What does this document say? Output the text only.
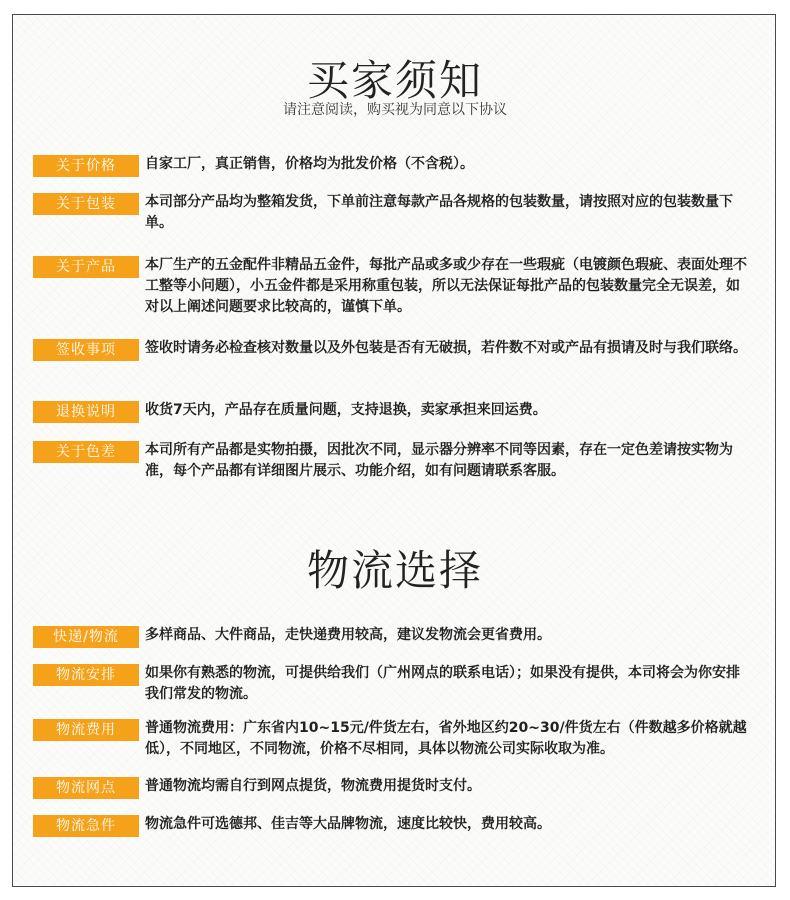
买家须知
请注意阅读，购买视为同意以下协议
关于价格	自家工厂，真正销售，价格均为批发价格（不含税）。
关于包装	本司部分产品均为整箱发货，下单前注意每款产品各规格的包装数量，请按照对应的包装数量下单。
关于产品	本厂生产的五金配件非精品五金件，每批产品或多或少存在一些瑕疵（电镀颜色瑕疵、表面处理不工整等小问题），小五金件都是采用称重包装，所以无法保证每批产品的包装数量完全无误差，如对以上阐述问题要求比较高的，谨慎下单。
签收事项	签收时请务必检查核对数量以及外包装是否有无破损，若件数不对或产品有损请及时与我们联络。
退换说明	收货7天内，产品存在质量问题，支持退换，卖家承担来回运费。
关于色差	本司所有产品都是实物拍摄，因批次不同，显示器分辨率不同等因素，存在一定色差请按实物为准，每个产品都有详细图片展示、功能介绍，如有问题请联系客服。
物流选择
快递/物流	多样商品、大件商品，走快递费用较高，建议发物流会更省费用。
物流安排	如果你有熟悉的物流，可提供给我们（广州网点的联系电话）；如果没有提供，本司将会为你安排我们常发的物流。
物流费用	普通物流费用：广东省内10~15元/件货左右，省外地区约20~30/件货左右（件数越多价格就越低），不同地区，不同物流，价格不尽相同，具体以物流公司实际收取为准。
物流网点	普通物流均需自行到网点提货，物流费用提货时支付。
物流急件	物流急件可选德邦、佳吉等大品牌物流，速度比较快，费用较高。
